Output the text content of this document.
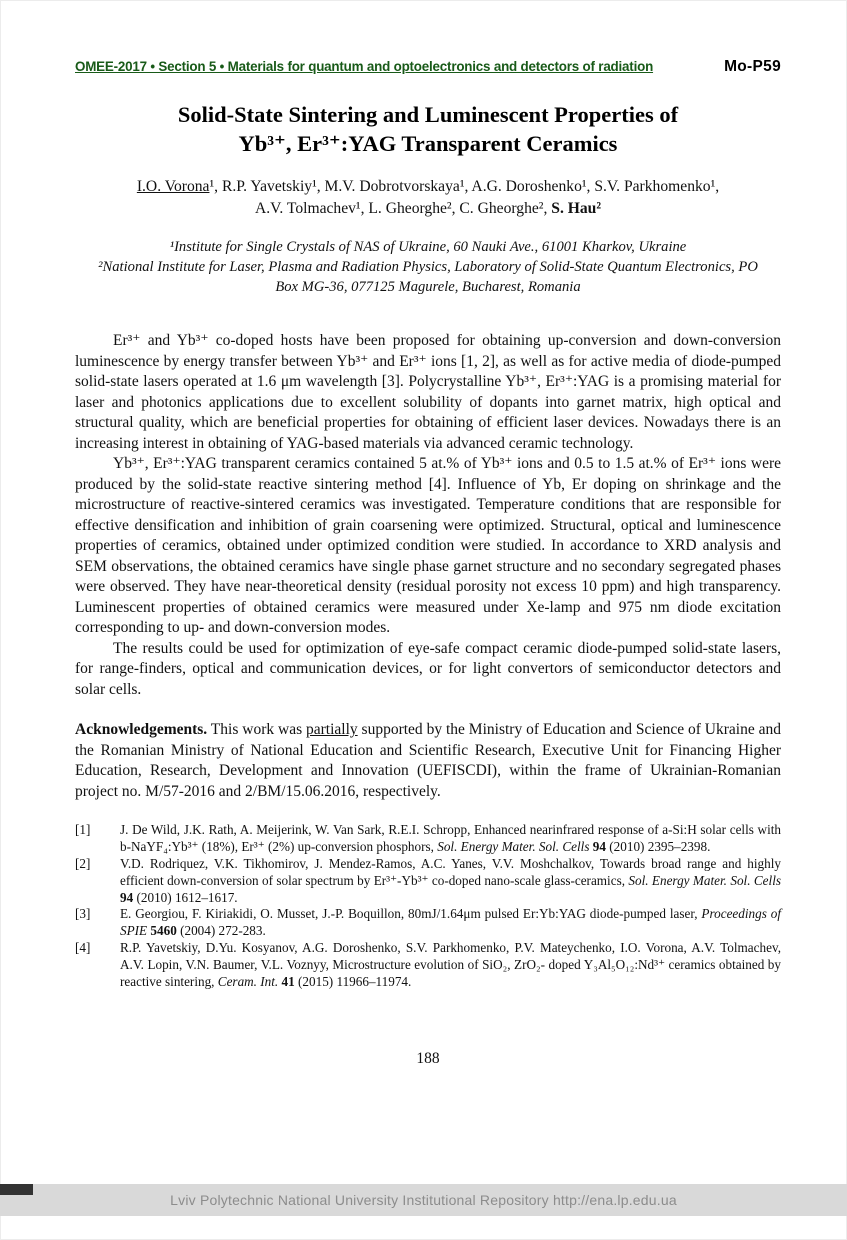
OMEE-2017 • Section 5 • Materials for quantum and optoelectronics and detectors of radiation	Mo-P59
Solid-State Sintering and Luminescent Properties of
Yb³⁺, Er³⁺:YAG Transparent Ceramics
I.O. Vorona¹, R.P. Yavetskiy¹, M.V. Dobrotvorskaya¹, A.G. Doroshenko¹, S.V. Parkhomenko¹,
A.V. Tolmachev¹, L. Gheorghe², C. Gheorghe², S. Hau²
¹Institute for Single Crystals of NAS of Ukraine, 60 Nauki Ave., 61001 Kharkov, Ukraine
²National Institute for Laser, Plasma and Radiation Physics, Laboratory of Solid-State Quantum Electronics, PO Box MG-36, 077125 Magurele, Bucharest, Romania

Er³⁺ and Yb³⁺ co-doped hosts have been proposed for obtaining up-conversion and down-conversion luminescence by energy transfer between Yb³⁺ and Er³⁺ ions [1, 2], as well as for active media of diode-pumped solid-state lasers operated at 1.6 μm wavelength [3]. Polycrystalline Yb³⁺, Er³⁺:YAG is a promising material for laser and photonics applications due to excellent solubility of dopants into garnet matrix, high optical and structural quality, which are beneficial properties for obtaining of efficient laser devices. Nowadays there is an increasing interest in obtaining of YAG-based materials via advanced ceramic technology.

Yb³⁺, Er³⁺:YAG transparent ceramics contained 5 at.% of Yb³⁺ ions and 0.5 to 1.5 at.% of Er³⁺ ions were produced by the solid-state reactive sintering method [4]. Influence of Yb, Er doping on shrinkage and the microstructure of reactive-sintered ceramics was investigated. Temperature conditions that are responsible for effective densification and inhibition of grain coarsening were optimized. Structural, optical and luminescence properties of ceramics, obtained under optimized condition were studied. In accordance to XRD analysis and SEM observations, the obtained ceramics have single phase garnet structure and no secondary segregated phases were observed. They have near-theoretical density (residual porosity not excess 10 ppm) and high transparency. Luminescent properties of obtained ceramics were measured under Xe-lamp and 975 nm diode excitation corresponding to up- and down-conversion modes.

The results could be used for optimization of eye-safe compact ceramic diode-pumped solid-state lasers, for range-finders, optical and communication devices, or for light convertors of semiconductor detectors and solar cells.

Acknowledgements. This work was partially supported by the Ministry of Education and Science of Ukraine and the Romanian Ministry of National Education and Scientific Research, Executive Unit for Financing Higher Education, Research, Development and Innovation (UEFISCDI), within the frame of Ukrainian-Romanian project no. M/57-2016 and 2/BM/15.06.2016, respectively.
[1]	J. De Wild, J.K. Rath, A. Meijerink, W. Van Sark, R.E.I. Schropp, Enhanced nearinfrared response of a-Si:H solar cells with b-NaYF₄:Yb³⁺ (18%), Er³⁺ (2%) up-conversion phosphors, Sol. Energy Mater. Sol. Cells 94 (2010) 2395–2398.
[2]	V.D. Rodriquez, V.K. Tikhomirov, J. Mendez-Ramos, A.C. Yanes, V.V. Moshchalkov, Towards broad range and highly efficient down-conversion of solar spectrum by Er³⁺-Yb³⁺ co-doped nano-scale glass-ceramics, Sol. Energy Mater. Sol. Cells 94 (2010) 1612–1617.
[3]	E. Georgiou, F. Kiriakidi, O. Musset, J.-P. Boquillon, 80mJ/1.64μm pulsed Er:Yb:YAG diode-pumped laser, Proceedings of SPIE 5460 (2004) 272-283.
[4]	R.P. Yavetskiy, D.Yu. Kosyanov, A.G. Doroshenko, S.V. Parkhomenko, P.V. Mateychenko, I.O. Vorona, A.V. Tolmachev, A.V. Lopin, V.N. Baumer, V.L. Voznyy, Microstructure evolution of SiO₂, ZrO₂- doped Y₃Al₅O₁₂:Nd³⁺ ceramics obtained by reactive sintering, Ceram. Int. 41 (2015) 11966–11974.
188
Lviv Polytechnic National University Institutional Repository http://ena.lp.edu.ua
